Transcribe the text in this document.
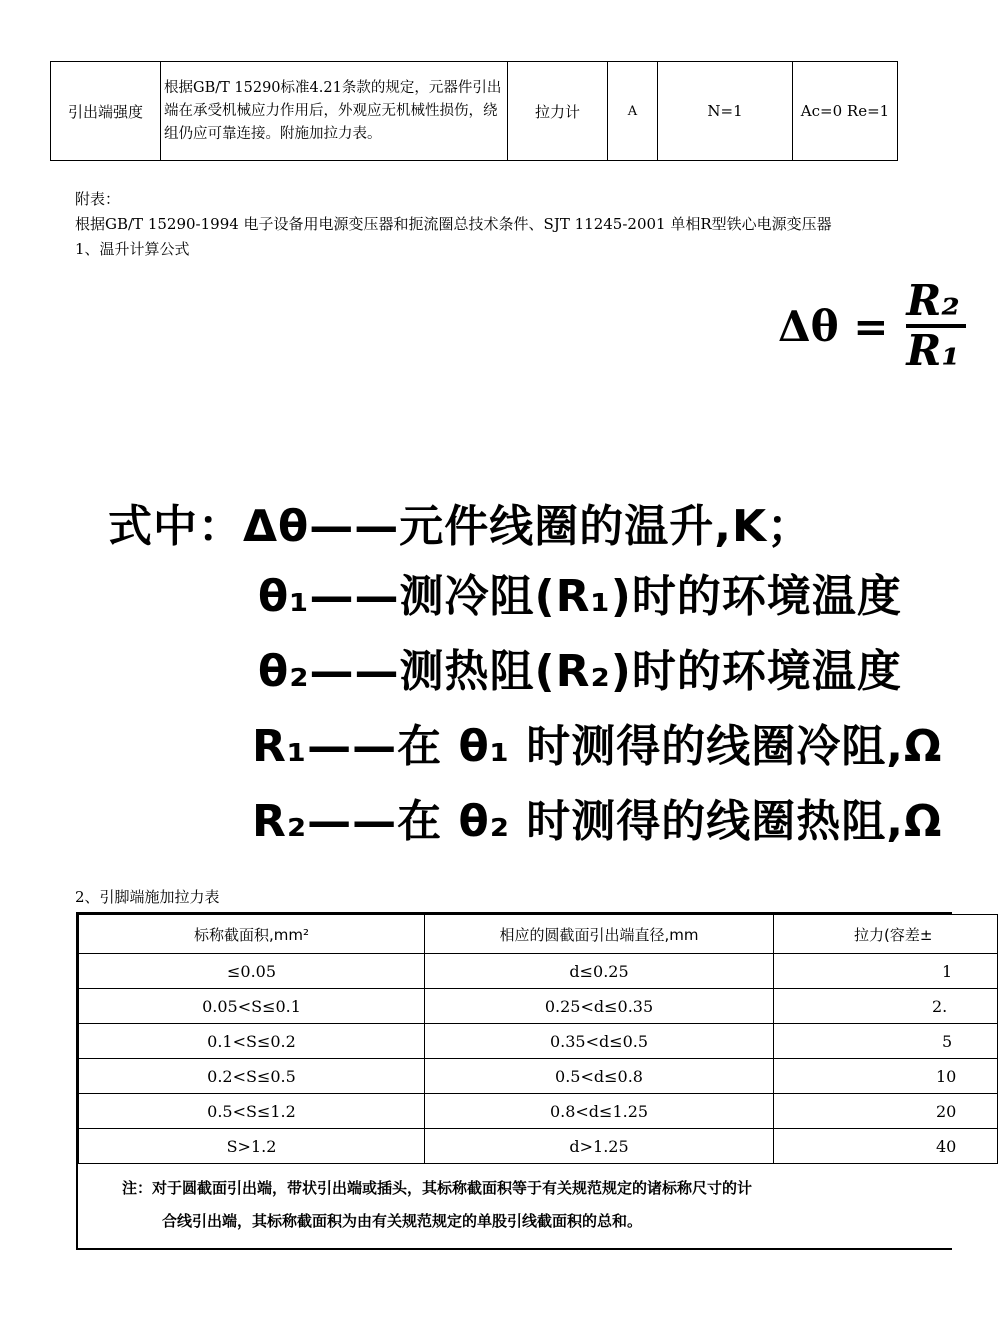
引出端强度	根据GB/T 15290标准4.21条款的规定，元器件引出端在承受机械应力作用后，外观应无机械性损伤，绕组仍应可靠连接。附施加拉力表。	拉力计	A	N=1	Ac=0 Re=1
附表：
根据GB/T 15290-1994 电子设备用电源变压器和扼流圈总技术条件、SJT 11245-2001 单相R型铁心电源变压器
1、温升计算公式
$\Delta\theta = \frac{\text{R₂}}{\text{R₁}}$
式中：Δθ——元件线圈的温升,K；
θ₁——测冷阻(R₁)时的环境温度
θ₂——测热阻(R₂)时的环境温度
R₁——在 θ₁ 时测得的线圈冷阻,Ω
R₂——在 θ₂ 时测得的线圈热阻,Ω
2、引脚端施加拉力表
标称截面积,mm²	相应的圆截面引出端直径,mm	拉力(容差±
≤0.05	d≤0.25	1
0.05<S≤0.1	0.25<d≤0.35	2.
0.1<S≤0.2	0.35<d≤0.5	5
0.2<S≤0.5	0.5<d≤0.8	10
0.5<S≤1.2	0.8<d≤1.25	20
S>1.2	d>1.25	40
注：对于圆截面引出端，带状引出端或插头，其标称截面积等于有关规范规定的诸标称尺寸的计
合线引出端，其标称截面积为由有关规范规定的单股引线截面积的总和。
